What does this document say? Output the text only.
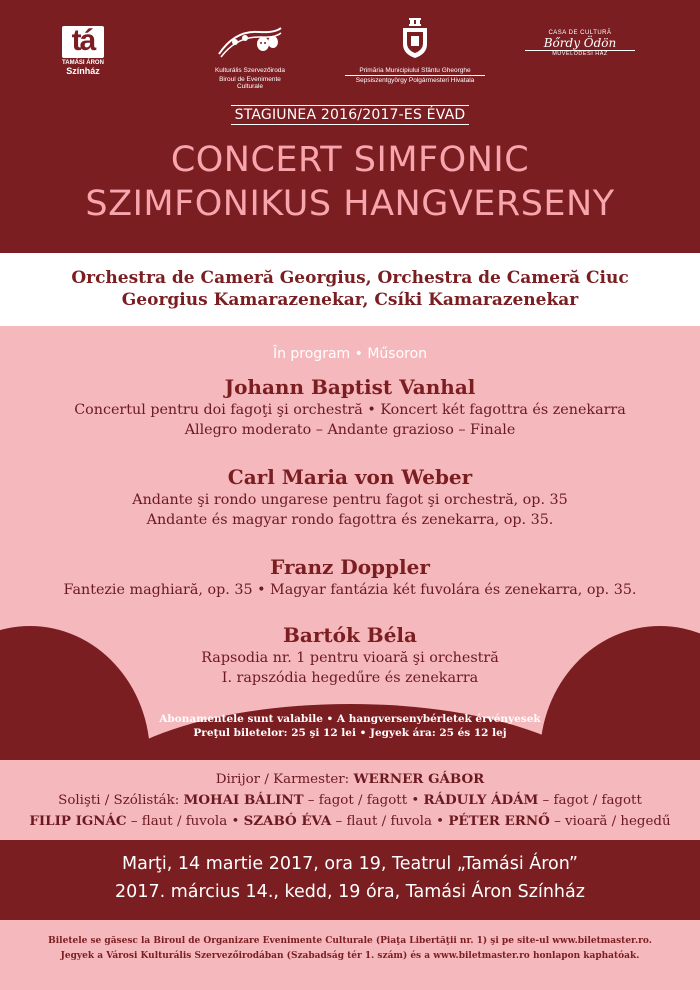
tá
TAMÁSI ÁRON
Színház	Kulturális Szervezőiroda
Biroul de Evenimente Culturale
Primăria Municipiului Sfântu Gheorghe
Sepsiszentgyörgy Polgármesteri Hivatala
CASA DE CULTURĂ
Bőrdy Ödön
MŰVELŐDÉSI HÁZ
STAGIUNEA 2016/2017-ES ÉVAD
CONCERT SIMFONIC
SZIMFONIKUS HANGVERSENY
Orchestra de Cameră Georgius, Orchestra de Cameră Ciuc
Georgius Kamarazenekar, Csíki Kamarazenekar
În program • Műsoron
Johann Baptist Vanhal
Concertul pentru doi fagoţi şi orchestră • Koncert két fagottra és zenekarra
Allegro moderato – Andante grazioso – Finale
Carl Maria von Weber
Andante şi rondo ungarese pentru fagot şi orchestră, op. 35
Andante és magyar rondo fagottra és zenekarra, op. 35.
Franz Doppler
Fantezie maghiară, op. 35 • Magyar fantázia két fuvolára és zenekarra, op. 35.
Bartók Béla
Rapsodia nr. 1 pentru vioară şi orchestră
I. rapszódia hegedűre és zenekarra
Abonamentele sunt valabile • A hangversenybérletek érvényesek
Preţul biletelor: 25 şi 12 lei • Jegyek ára: 25 és 12 lej
Dirijor / Karmester: WERNER GÁBOR
Solişti / Szólisták: MOHAI BÁLINT – fagot / fagott • RÁDULY ÁDÁM – fagot / fagott
FILIP IGNÁC – flaut / fuvola • SZABÓ ÉVA – flaut / fuvola • PÉTER ERNŐ – vioară / hegedű
Marţi, 14 martie 2017, ora 19, Teatrul „Tamási Áron”
2017. március 14., kedd, 19 óra, Tamási Áron Színház
Biletele se găsesc la Biroul de Organizare Evenimente Culturale (Piaţa Libertăţii nr. 1) şi pe site-ul www.biletmaster.ro.
Jegyek a Városi Kulturális Szervezőirodában (Szabadság tér 1. szám) és a www.biletmaster.ro honlapon kaphatóak.
